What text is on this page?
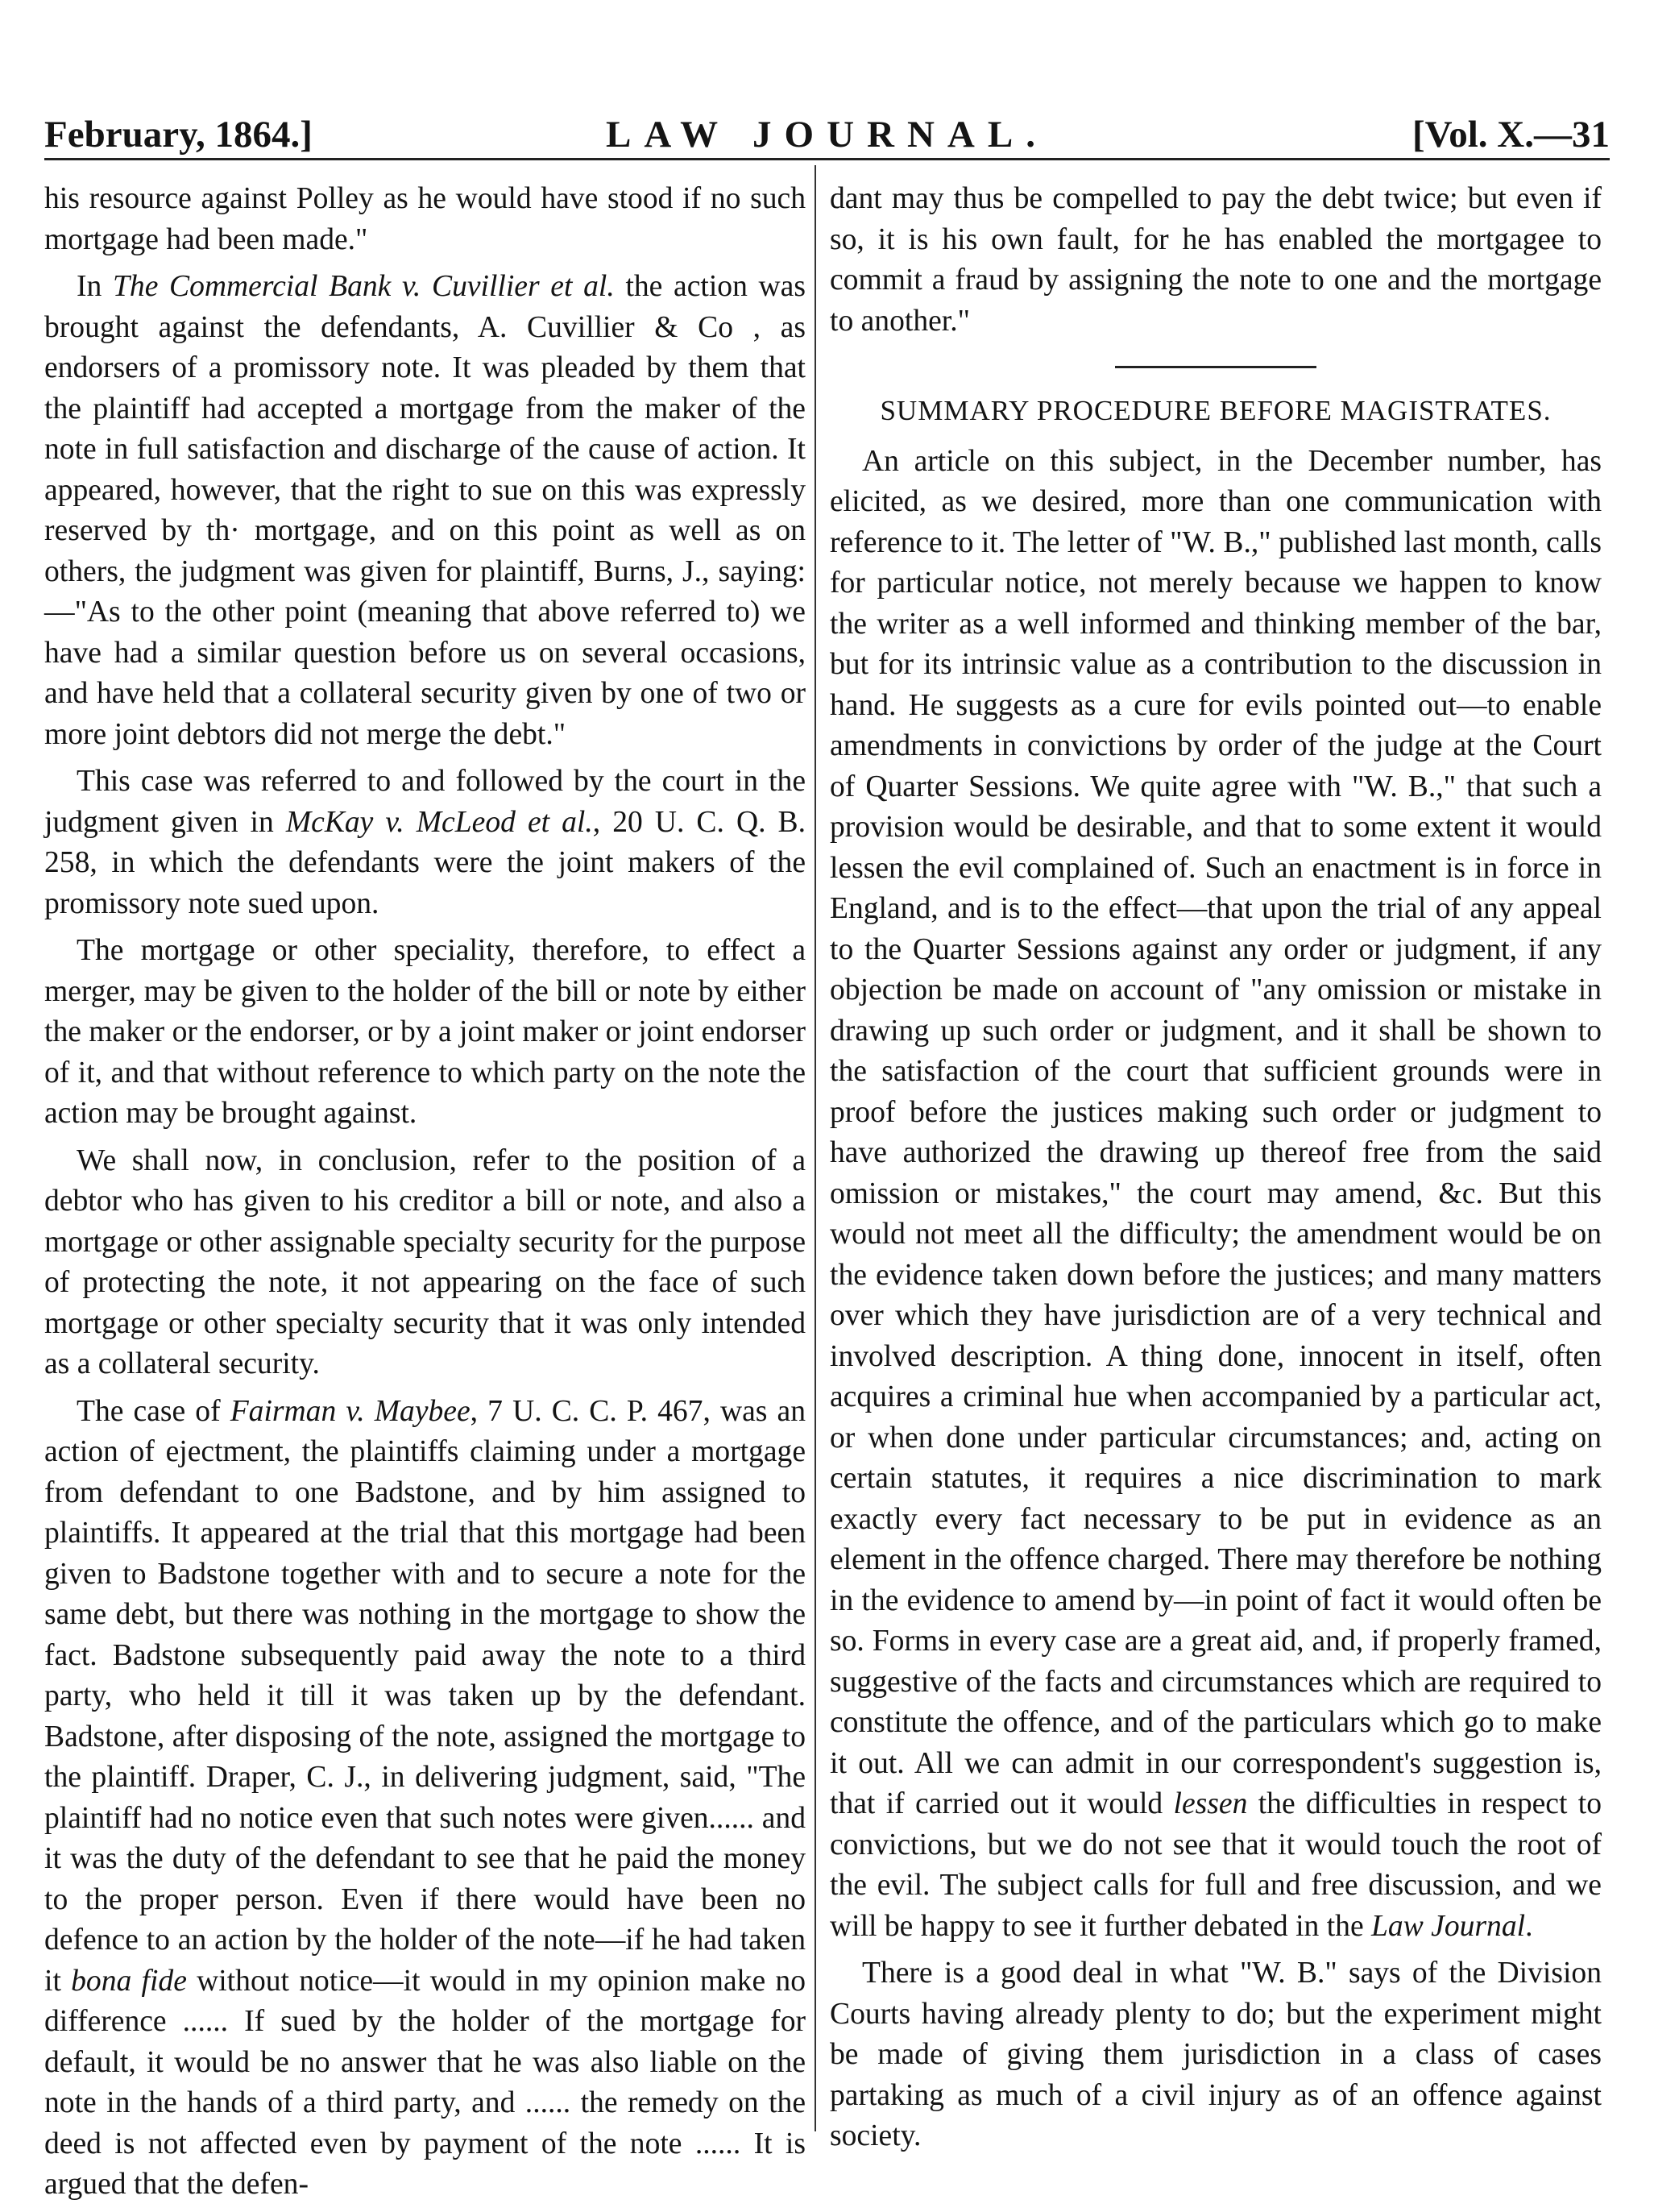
February, 1864.]	LAW JOURNAL.	[Vol. X.—31

his resource against Polley as he would have stood if no such mortgage had been made."

In The Commercial Bank v. Cuvillier et al. the action was brought against the defendants, A. Cuvillier & Co , as endorsers of a promissory note. It was pleaded by them that the plaintiff had accepted a mortgage from the maker of the note in full satisfaction and discharge of the cause of action. It appeared, however, that the right to sue on this was expressly reserved by th· mortgage, and on this point as well as on others, the judgment was given for plaintiff, Burns, J., saying:—"As to the other point (meaning that above referred to) we have had a similar question before us on several occasions, and have held that a collateral security given by one of two or more joint debtors did not merge the debt."

This case was referred to and followed by the court in the judgment given in McKay v. McLeod et al., 20 U. C. Q. B. 258, in which the defendants were the joint makers of the promissory note sued upon.

The mortgage or other speciality, therefore, to effect a merger, may be given to the holder of the bill or note by either the maker or the endorser, or by a joint maker or joint endorser of it, and that without reference to which party on the note the action may be brought against.

We shall now, in conclusion, refer to the position of a debtor who has given to his creditor a bill or note, and also a mortgage or other assignable specialty security for the purpose of protecting the note, it not appearing on the face of such mortgage or other specialty security that it was only intended as a collateral security.

The case of Fairman v. Maybee, 7 U. C. C. P. 467, was an action of ejectment, the plaintiffs claiming under a mortgage from defendant to one Badstone, and by him assigned to plaintiffs. It appeared at the trial that this mortgage had been given to Badstone together with and to secure a note for the same debt, but there was nothing in the mortgage to show the fact. Badstone subsequently paid away the note to a third party, who held it till it was taken up by the defendant. Badstone, after disposing of the note, assigned the mortgage to the plaintiff. Draper, C. J., in delivering judgment, said, "The plaintiff had no notice even that such notes were given...... and it was the duty of the defendant to see that he paid the money to the proper person. Even if there would have been no defence to an action by the holder of the note—if he had taken it bona fide without notice—it would in my opinion make no difference ...... If sued by the holder of the mortgage for default, it would be no answer that he was also liable on the note in the hands of a third party, and ...... the remedy on the deed is not affected even by payment of the note ...... It is argued that the defen-

dant may thus be compelled to pay the debt twice; but even if so, it is his own fault, for he has enabled the mortgagee to commit a fraud by assigning the note to one and the mortgage to another."

SUMMARY PROCEDURE BEFORE MAGISTRATES.

An article on this subject, in the December number, has elicited, as we desired, more than one communication with reference to it. The letter of "W. B.," published last month, calls for particular notice, not merely because we happen to know the writer as a well informed and thinking member of the bar, but for its intrinsic value as a contribution to the discussion in hand. He suggests as a cure for evils pointed out—to enable amendments in convictions by order of the judge at the Court of Quarter Sessions. We quite agree with "W. B.," that such a provision would be desirable, and that to some extent it would lessen the evil complained of. Such an enactment is in force in England, and is to the effect—that upon the trial of any appeal to the Quarter Sessions against any order or judgment, if any objection be made on account of "any omission or mistake in drawing up such order or judgment, and it shall be shown to the satisfaction of the court that sufficient grounds were in proof before the justices making such order or judgment to have authorized the drawing up thereof free from the said omission or mistakes," the court may amend, &c. But this would not meet all the difficulty; the amendment would be on the evidence taken down before the justices; and many matters over which they have jurisdiction are of a very technical and involved description. A thing done, innocent in itself, often acquires a criminal hue when accompanied by a particular act, or when done under particular circumstances; and, acting on certain statutes, it requires a nice discrimination to mark exactly every fact necessary to be put in evidence as an element in the offence charged. There may therefore be nothing in the evidence to amend by—in point of fact it would often be so. Forms in every case are a great aid, and, if properly framed, suggestive of the facts and circumstances which are required to constitute the offence, and of the particulars which go to make it out. All we can admit in our correspondent's suggestion is, that if carried out it would lessen the difficulties in respect to convictions, but we do not see that it would touch the root of the evil. The subject calls for full and free discussion, and we will be happy to see it further debated in the Law Journal.

There is a good deal in what "W. B." says of the Division Courts having already plenty to do; but the experiment might be made of giving them jurisdiction in a class of cases partaking as much of a civil injury as of an offence against society.
